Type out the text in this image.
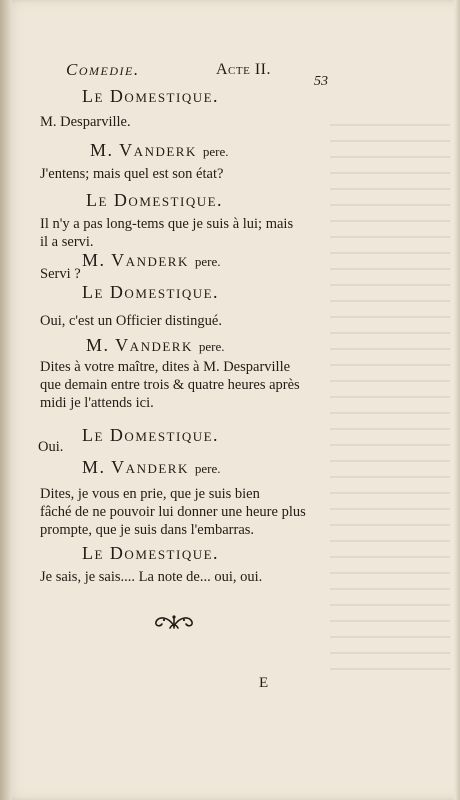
Comedie.	Acte II.
53
Le Domestique.
M. Desparville.
M. Vanderk pere.
J'entens; mais quel est son état?
Le Domestique.
Il n'y a pas long-tems que je suis à lui; mais
il a servi.
M. Vanderk pere.
Servi ?
Le Domestique.
Oui, c'est un Officier distingué.
M. Vanderk pere.
Dites à votre maître, dites à M. Desparville
que demain entre trois & quatre heures après
midi je l'attends ici.
Le Domestique.
Oui.
M. Vanderk pere.
Dites, je vous en prie, que je suis bien
fâché de ne pouvoir lui donner une heure plus
prompte, que je suis dans l'embarras.
Le Domestique.
Je sais, je sais.... La note de... oui, oui.
E
